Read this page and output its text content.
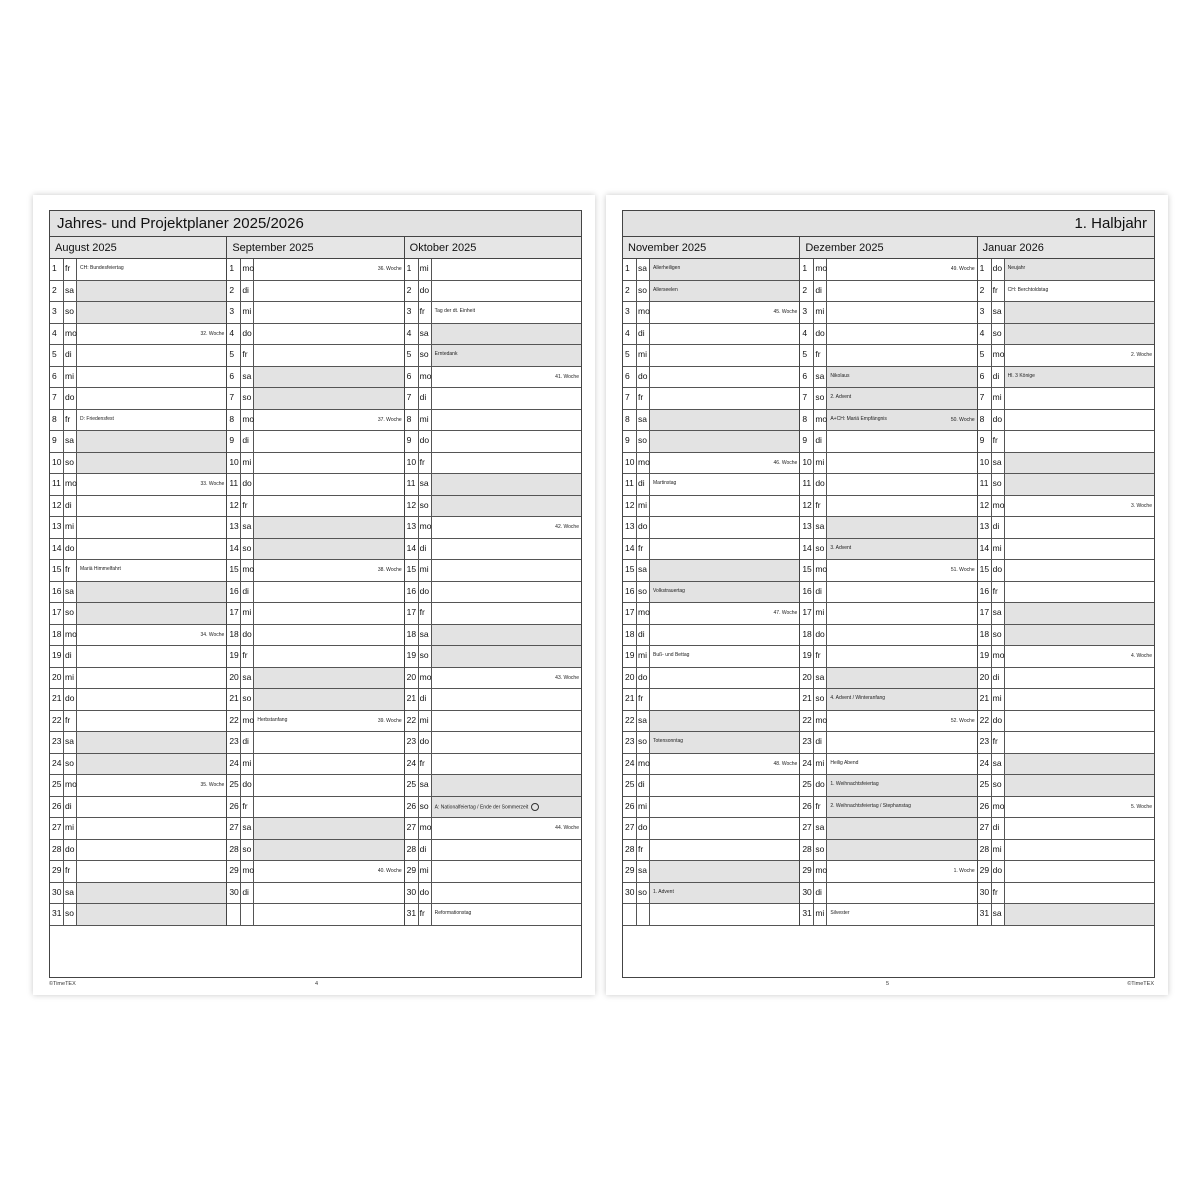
Jahres- und Projektplaner 2025/2026
August 2025
1 fr	CH: Bundesfeiertag
2 sa
3 so
4 mo	32. Woche
5 di
6 mi
7 do
8 fr	D: Friedensfest
9 sa
10 so
11 mo	33. Woche
12 di
13 mi
14 do
15 fr	Mariä Himmelfahrt
16 sa
17 so
18 mo	34. Woche
19 di
20 mi
21 do
22 fr
23 sa
24 so
25 mo	35. Woche
26 di
27 mi
28 do
29 fr
30 sa
31 so
September 2025
1 mo	36. Woche
2 di
3 mi
4 do
5 fr
6 sa
7 so
8 mo	37. Woche
9 di
10 mi
11 do
12 fr
13 sa
14 so
15 mo	38. Woche
16 di
17 mi
18 do
19 fr
20 sa
21 so
22 mo Herbstanfang	39. Woche
23 di
24 mi
25 do
26 fr
27 sa
28 so
29 mo	40. Woche
30 di
Oktober 2025
1 mi
2 do
3 fr	Tag der dt. Einheit
4 sa
5 so	Erntedank
6 mo	41. Woche
7 di
8 mi
9 do
10 fr
11 sa
12 so
13 mo	42. Woche
14 di
15 mi
16 do
17 fr
18 sa
19 so
20 mo	43. Woche
21 di
22 mi
23 do
24 fr
25 sa
26 so	A: Nationalfeiertag / Ende der Sommerzeit
27 mo	44. Woche
28 di
29 mi
30 do
31 fr	Reformationstag
©TimeTEX	4
1. Halbjahr
November 2025
1 sa	Allerheiligen
2 so	Allerseelen
3 mo	45. Woche
4 di
5 mi
6 do
7 fr
8 sa
9 so
10 mo	46. Woche
11 di	Martinstag
12 mi
13 do
14 fr
15 sa
16 so	Volkstrauertag
17 mo	47. Woche
18 di
19 mi	Buß- und Bettag
20 do
21 fr
22 sa
23 so	Totensonntag
24 mo	48. Woche
25 di
26 mi
27 do
28 fr
29 sa
30 so	1. Advent
Dezember 2025
1 mo	49. Woche
2 di
3 mi
4 do
5 fr
6 sa	Nikolaus
7 so	2. Advent
8 mo A+CH: Mariä Empfängnis	50. Woche
9 di
10 mi
11 do
12 fr
13 sa
14 so	3. Advent
15 mo	51. Woche
16 di
17 mi
18 do
19 fr
20 sa
21 so	4. Advent / Winteranfang
22 mo	52. Woche
23 di
24 mi	Heilig Abend
25 do	1. Weihnachtsfeiertag
26 fr	2. Weihnachtsfeiertag / Stephanstag
27 sa
28 so
29 mo	1. Woche
30 di
31 mi	Silvester
Januar 2026
1 do	Neujahr
2 fr	CH: Berchtoldstag
3 sa
4 so
5 mo	2. Woche
6 di	Hl. 3 Könige
7 mi
8 do
9 fr
10 sa
11 so
12 mo	3. Woche
13 di
14 mi
15 do
16 fr
17 sa
18 so
19 mo	4. Woche
20 di
21 mi
22 do
23 fr
24 sa
25 so
26 mo	5. Woche
27 di
28 mi
29 do
30 fr
31 sa
5	©TimeTEX
